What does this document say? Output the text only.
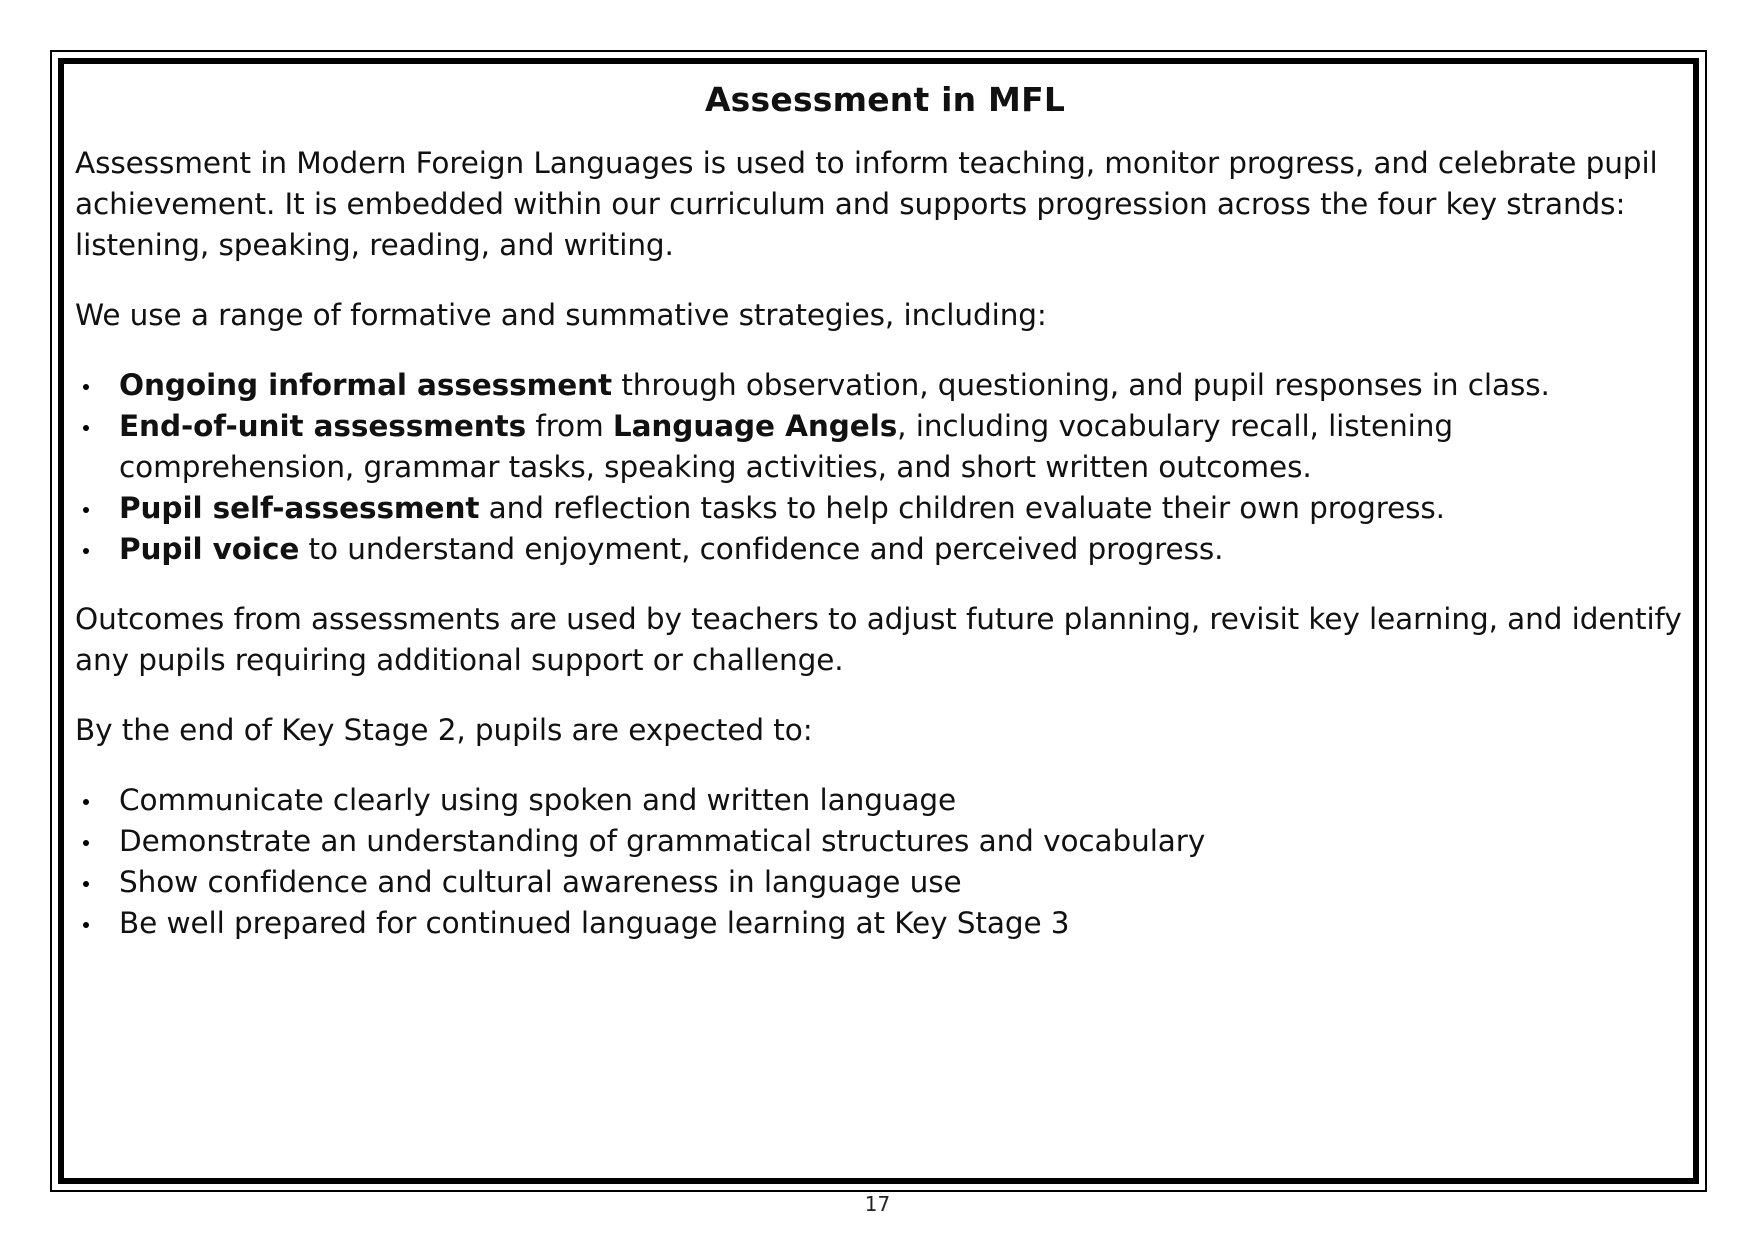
Assessment in MFL

Assessment in Modern Foreign Languages is used to inform teaching, monitor progress, and celebrate pupil achievement. It is embedded within our curriculum and supports progression across the four key strands: listening, speaking, reading, and writing.

We use a range of formative and summative strategies, including:

Ongoing informal assessment through observation, questioning, and pupil responses in class.
End-of-unit assessments from Language Angels, including vocabulary recall, listening comprehension, grammar tasks, speaking activities, and short written outcomes.
Pupil self-assessment and reflection tasks to help children evaluate their own progress.
Pupil voice to understand enjoyment, confidence and perceived progress.

Outcomes from assessments are used by teachers to adjust future planning, revisit key learning, and identify any pupils requiring additional support or challenge.

By the end of Key Stage 2, pupils are expected to:

Communicate clearly using spoken and written language
Demonstrate an understanding of grammatical structures and vocabulary
Show confidence and cultural awareness in language use
Be well prepared for continued language learning at Key Stage 3
17
